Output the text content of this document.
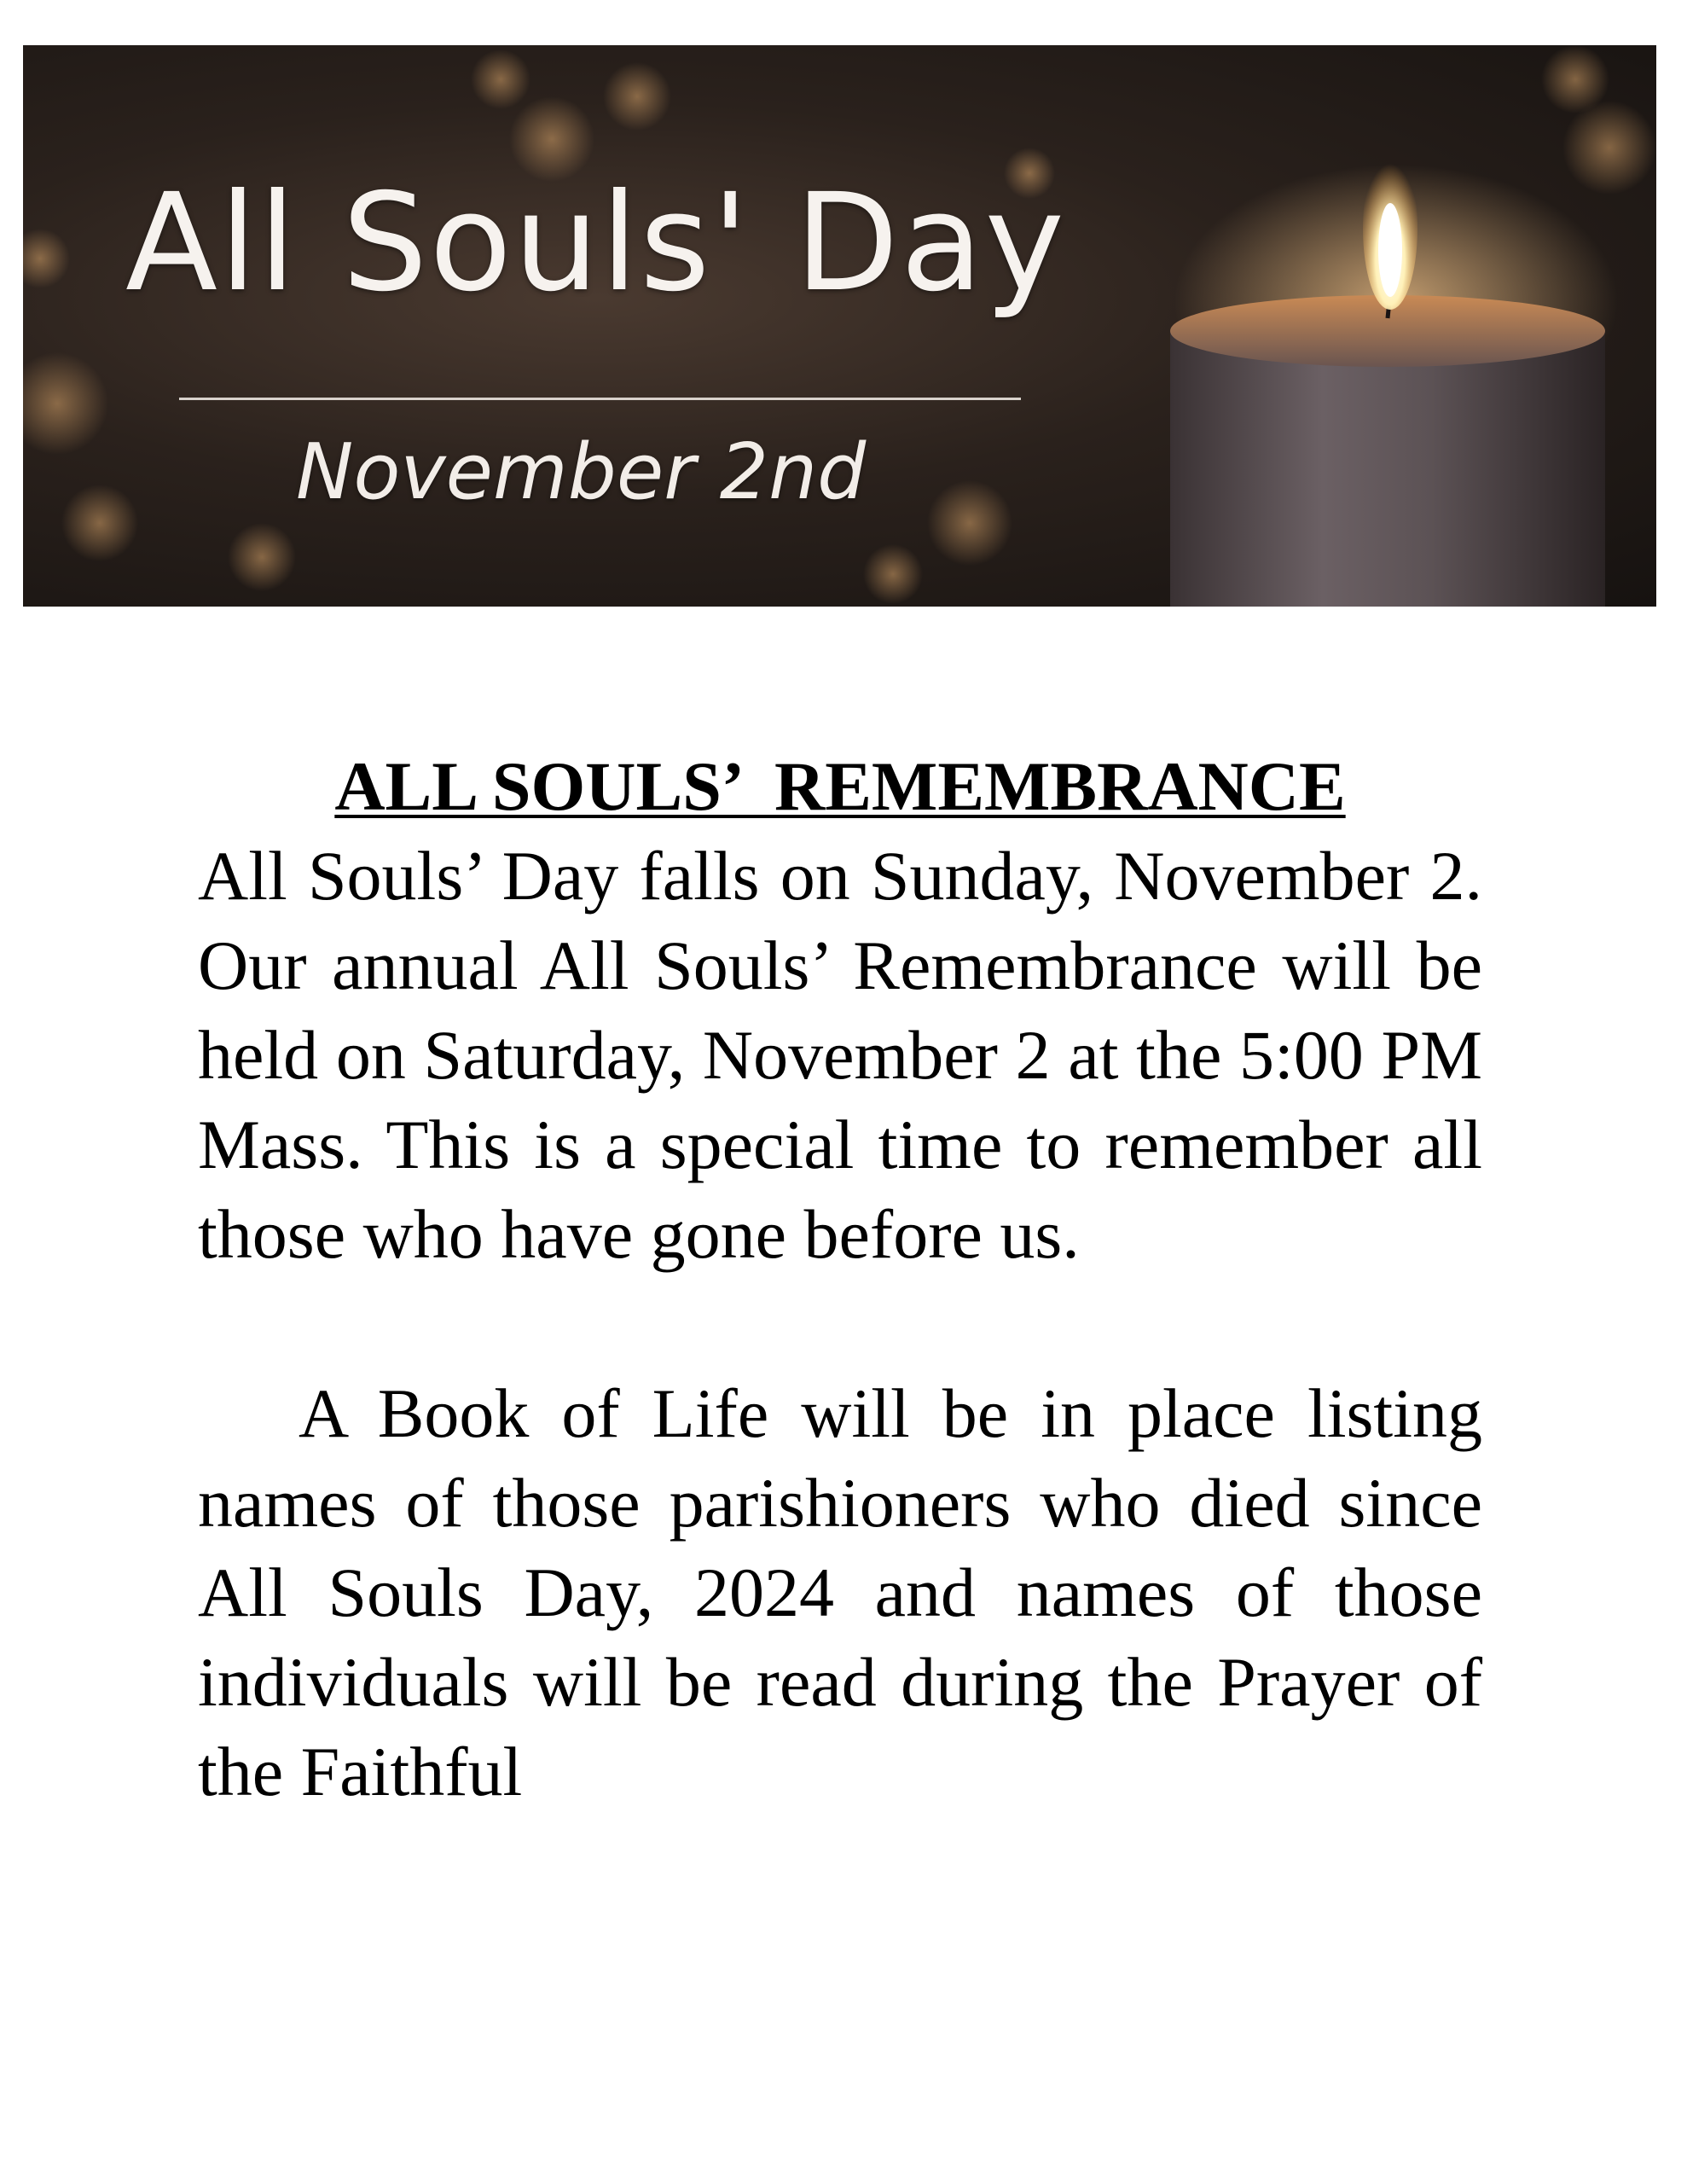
All Souls' Day
November 2nd
ALL SOULS’  REMEMBRANCE

All Souls’ Day falls on Sunday, November 2. Our annual All Souls’ Remembrance will be held on Saturday, November 2 at the 5:00 PM Mass. This is a special time to remember all those who have gone before us.

A Book of Life will be in place listing names of those parishioners who died since All Souls Day, 2024 and names of those individuals will be read during the Prayer of the Faithful
